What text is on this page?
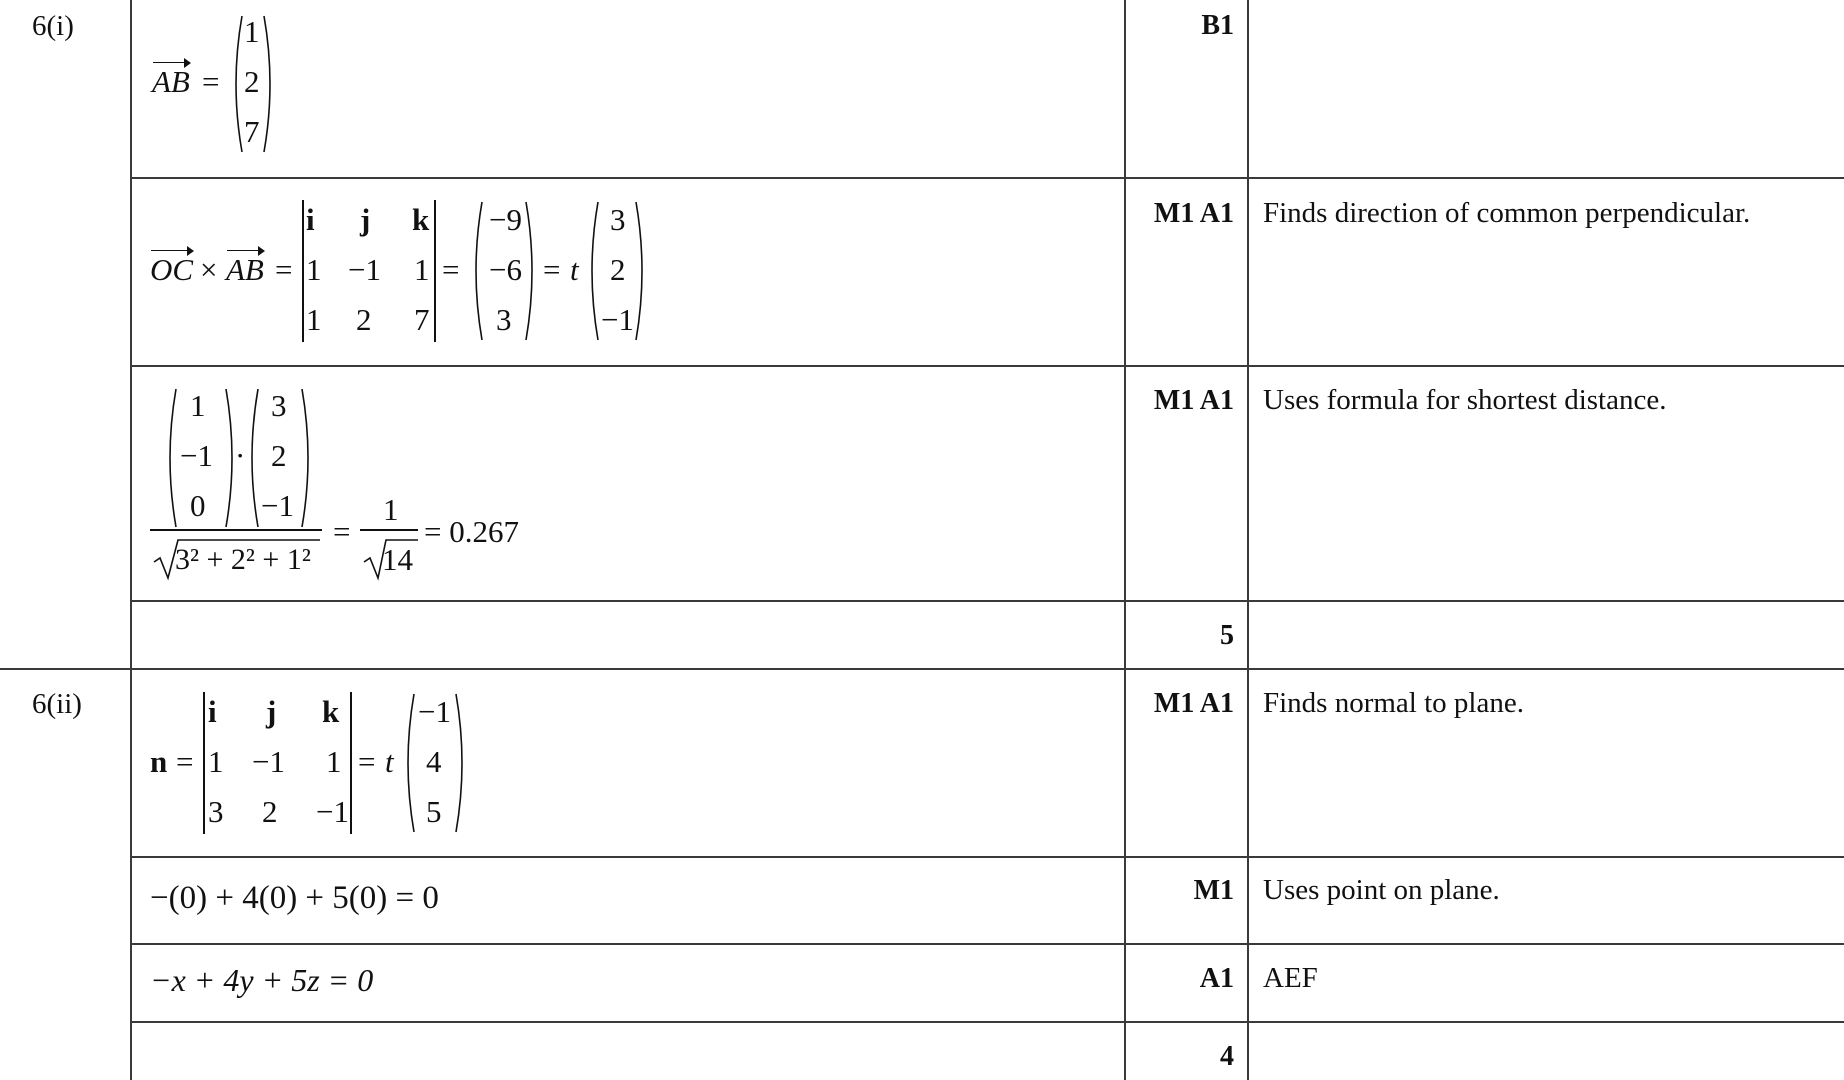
6(i)
AB =
1
2
7
B1
OC × AB =
i j k
1 −1 1
1 2 7
=
−9
−6
3
= t
3
2
−1
M1 A1 Finds direction of common perpendicular.
1
−1
0
·
3
2
−1
3² + 2² + 1²
=
1
14
= 0.267
M1 A1 Uses formula for shortest distance.
5
6(ii)
n =
i j k
1 −1 1
3 2 −1
= t
−1
4
5
M1 A1 Finds normal to plane.
−(0) + 4(0) + 5(0) = 0	M1 Uses point on plane.
−x + 4y + 5z = 0	A1 AEF
4
